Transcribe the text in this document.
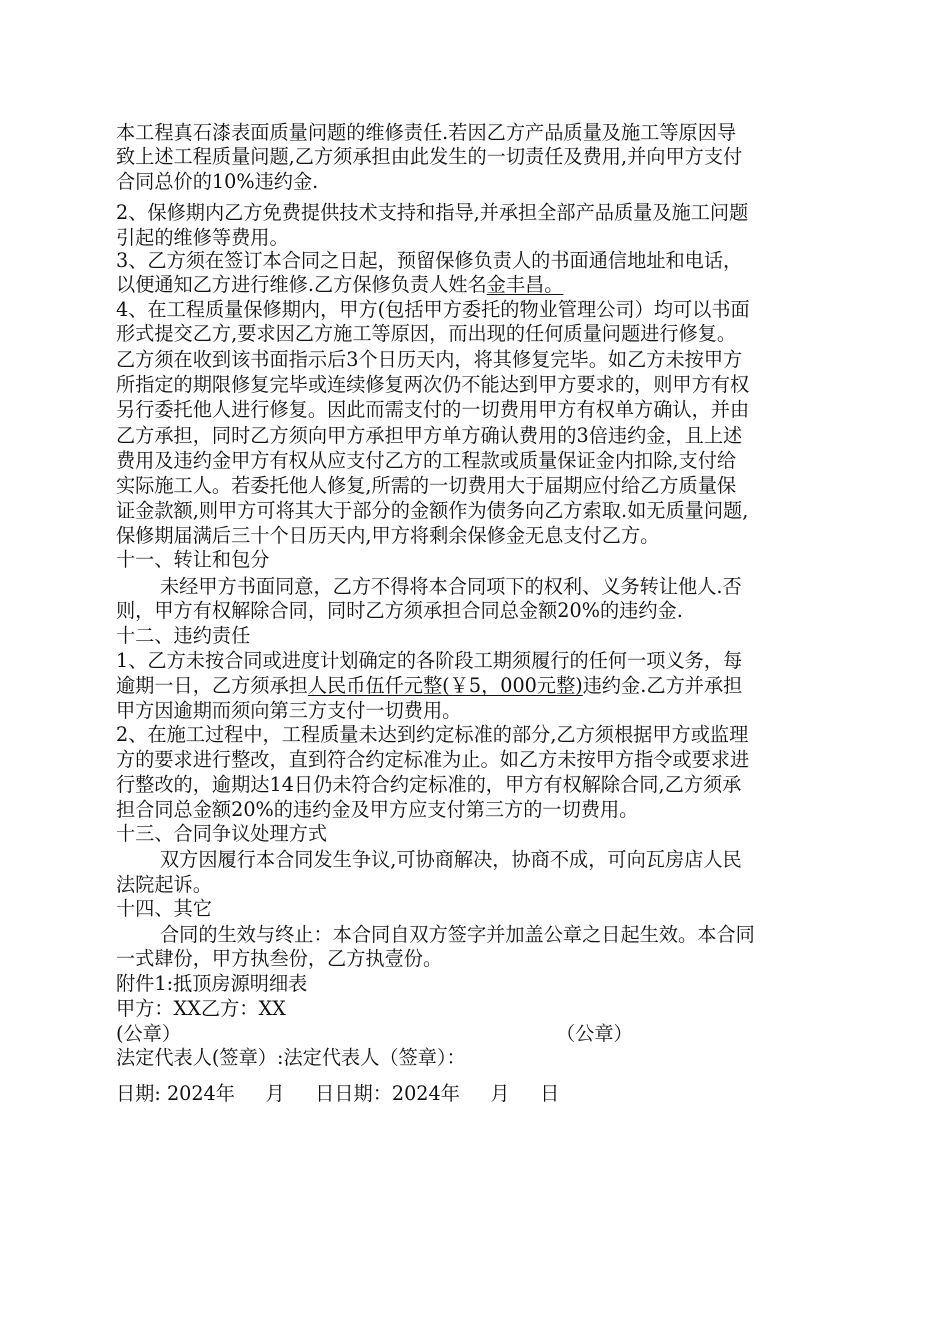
本工程真石漆表面质量问题的维修责任.若因乙方产品质量及施工等原因导
致上述工程质量问题,乙方须承担由此发生的一切责任及费用,并向甲方支付
合同总价的10%违约金.
2、保修期内乙方免费提供技术支持和指导,并承担全部产品质量及施工问题
引起的维修等费用。
3、乙方须在签订本合同之日起，预留保修负责人的书面通信地址和电话，
以便通知乙方进行维修.乙方保修负责人姓名金丰昌。
4、在工程质量保修期内，甲方(包括甲方委托的物业管理公司）均可以书面
形式提交乙方,要求因乙方施工等原因，而出现的任何质量问题进行修复。
乙方须在收到该书面指示后3个日历天内，将其修复完毕。如乙方未按甲方
所指定的期限修复完毕或连续修复两次仍不能达到甲方要求的，则甲方有权
另行委托他人进行修复。因此而需支付的一切费用甲方有权单方确认，并由
乙方承担，同时乙方须向甲方承担甲方单方确认费用的3倍违约金，且上述
费用及违约金甲方有权从应支付乙方的工程款或质量保证金内扣除,支付给
实际施工人。若委托他人修复,所需的一切费用大于届期应付给乙方质量保
证金款额,则甲方可将其大于部分的金额作为债务向乙方索取.如无质量问题,
保修期届满后三十个日历天内,甲方将剩余保修金无息支付乙方。
十一、转让和包分
未经甲方书面同意，乙方不得将本合同项下的权利、义务转让他人.否
则，甲方有权解除合同，同时乙方须承担合同总金额20%的违约金.
十二、违约责任
1、乙方未按合同或进度计划确定的各阶段工期须履行的任何一项义务，每
逾期一日，乙方须承担人民币伍仟元整(￥5，000元整)违约金.乙方并承担
甲方因逾期而须向第三方支付一切费用。
2、在施工过程中，工程质量未达到约定标准的部分,乙方须根据甲方或监理
方的要求进行整改，直到符合约定标准为止。如乙方未按甲方指令或要求进
行整改的，逾期达14日仍未符合约定标准的，甲方有权解除合同,乙方须承
担合同总金额20%的违约金及甲方应支付第三方的一切费用。
十三、合同争议处理方式
双方因履行本合同发生争议,可协商解决，协商不成，可向瓦房店人民
法院起诉。
十四、其它
合同的生效与终止：本合同自双方签字并加盖公章之日起生效。本合同
一式肆份，甲方执叁份，乙方执壹份。
附件1:抵顶房源明细表
甲方：XX乙方：XX
(公章）	（公章）
法定代表人(签章）:法定代表人（签章）：
日期: 2024年     月     日日期：2024年     月     日
